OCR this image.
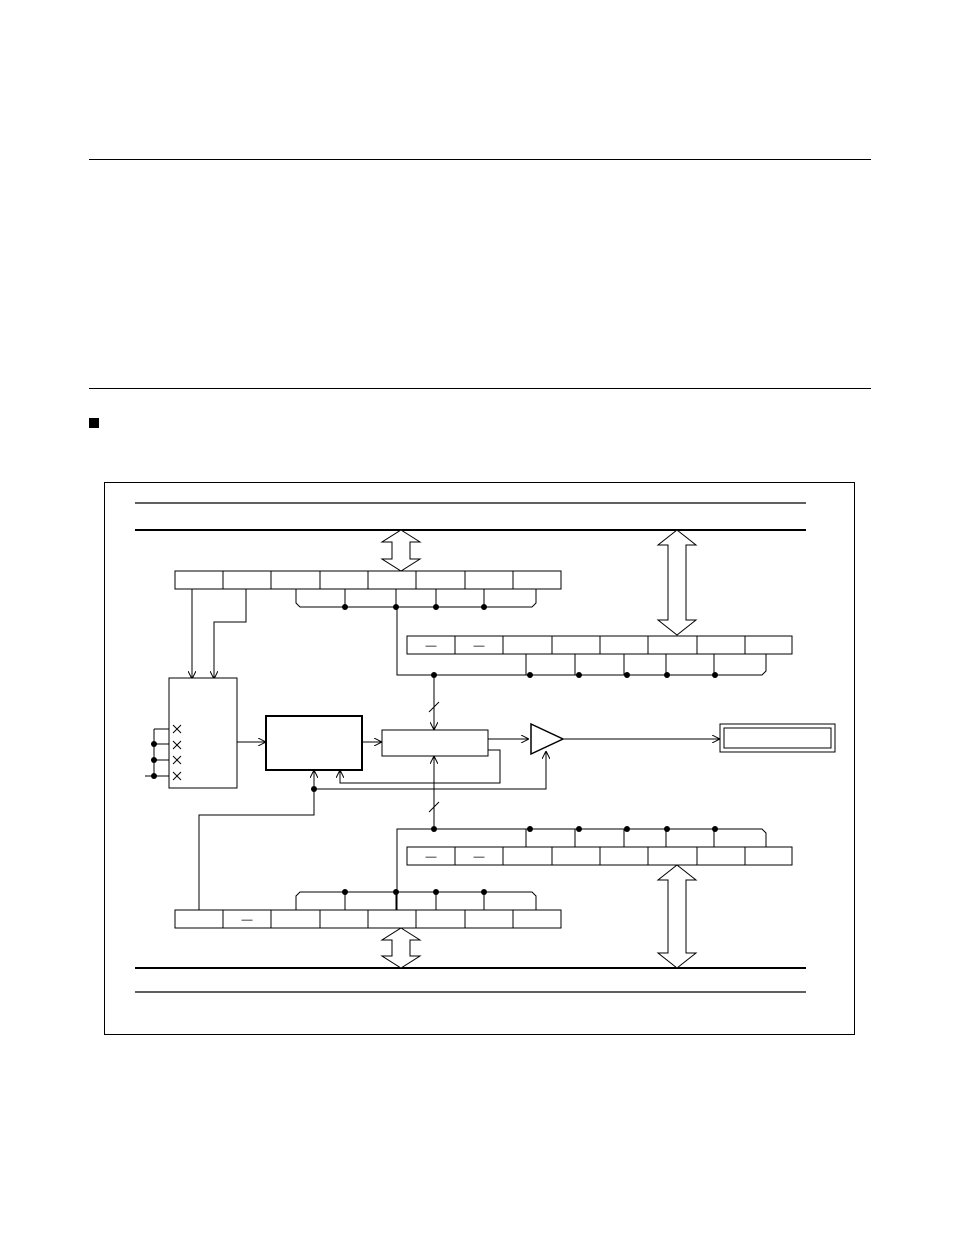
—	—
—	—
—
